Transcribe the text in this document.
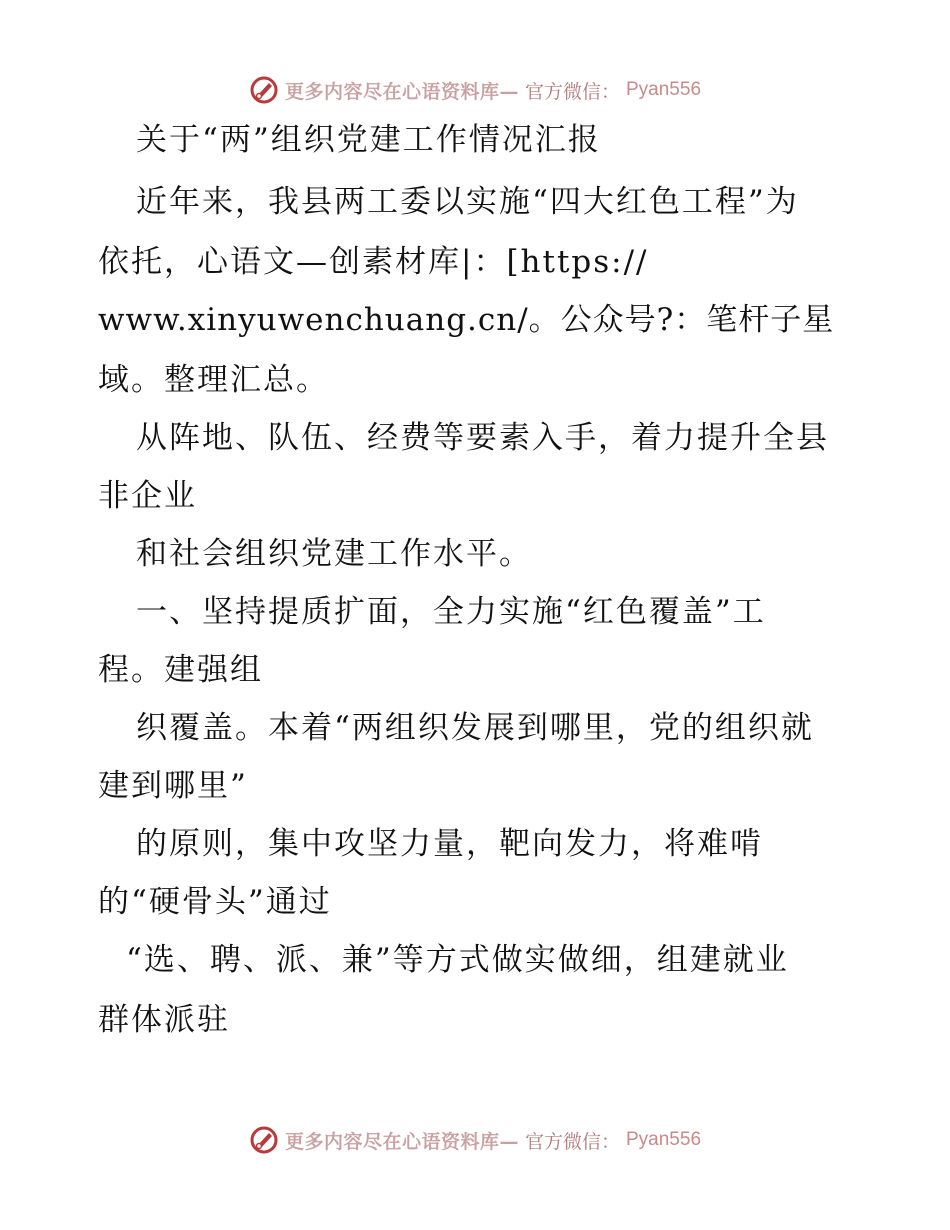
更多内容尽在心语资料库— 官方微信： Pyan556
关于“两”组织党建工作情况汇报
近年来，我县两工委以实施“四大红色工程”为
依托，心语文—创素材库|：[https://
www.xinyuwenchuang.cn/。公众号?：笔杆子星
域。整理汇总。
从阵地、队伍、经费等要素入手，着力提升全县
非企业
和社会组织党建工作水平。
一、坚持提质扩面，全力实施“红色覆盖”工
程。建强组
织覆盖。本着“两组织发展到哪里，党的组织就
建到哪里”
的原则，集中攻坚力量，靶向发力，将难啃
的“硬骨头”通过
“选、聘、派、兼”等方式做实做细，组建就业
群体派驻
更多内容尽在心语资料库— 官方微信： Pyan556
